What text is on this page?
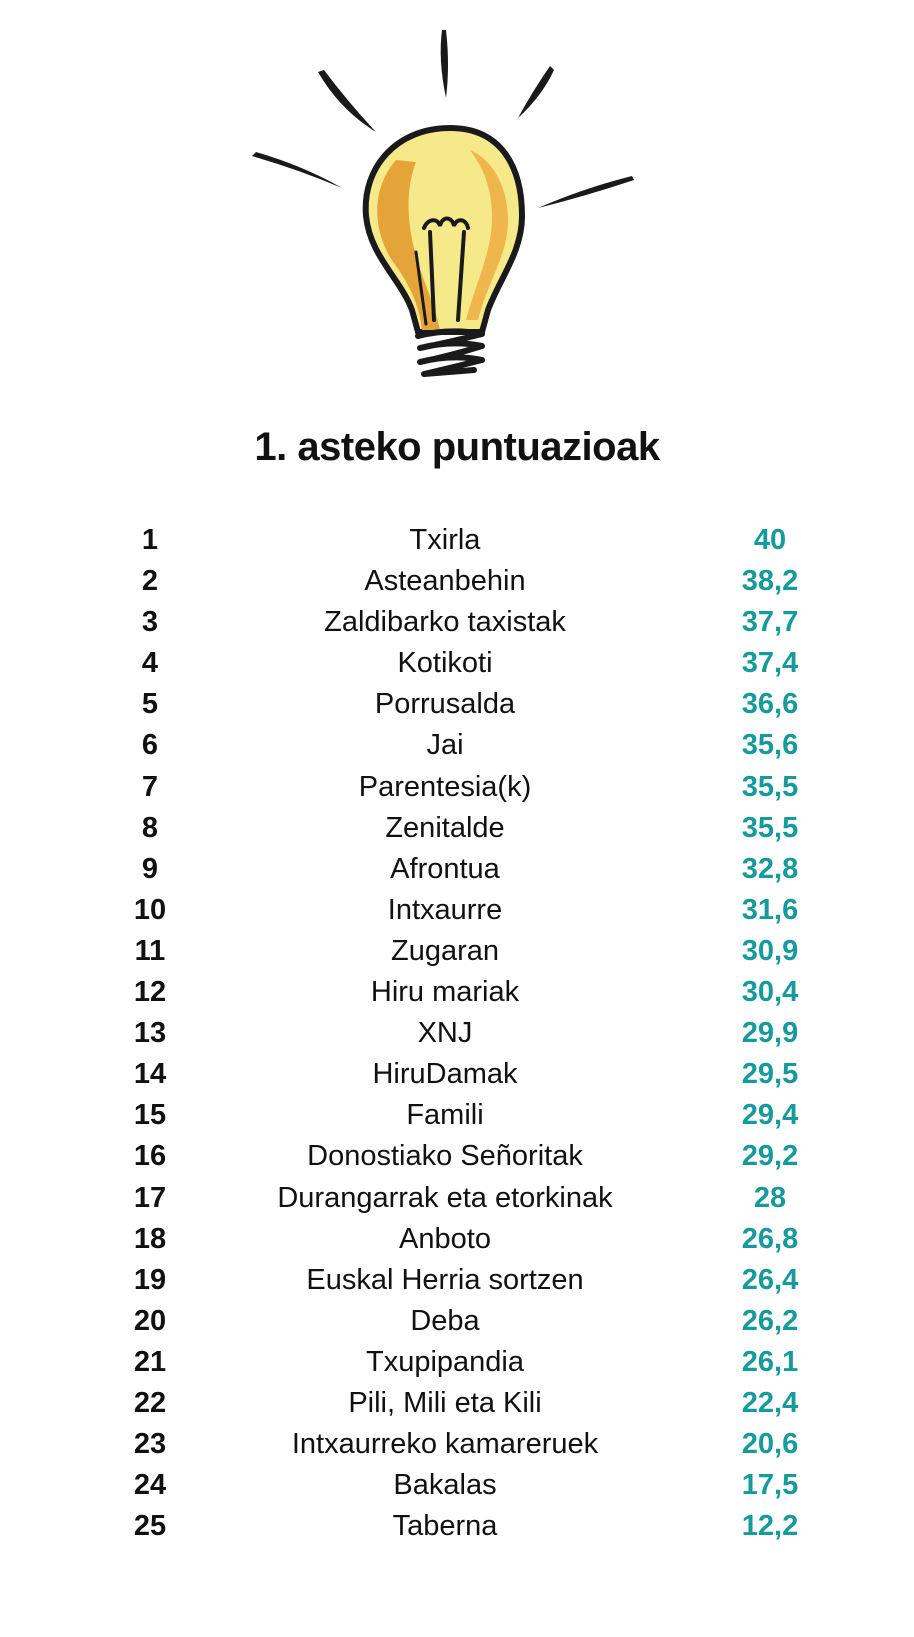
1. asteko puntuazioak
1	Txirla	40
2	Asteanbehin	38,2
3	Zaldibarko taxistak	37,7
4	Kotikoti	37,4
5	Porrusalda	36,6
6	Jai	35,6
7	Parentesia(k)	35,5
8	Zenitalde	35,5
9	Afrontua	32,8
10	Intxaurre	31,6
11	Zugaran	30,9
12	Hiru mariak	30,4
13	XNJ	29,9
14	HiruDamak	29,5
15	Famili	29,4
16	Donostiako Señoritak	29,2
17	Durangarrak eta etorkinak	28
18	Anboto	26,8
19	Euskal Herria sortzen	26,4
20	Deba	26,2
21	Txupipandia	26,1
22	Pili, Mili eta Kili	22,4
23	Intxaurreko kamareruek	20,6
24	Bakalas	17,5
25	Taberna	12,2
